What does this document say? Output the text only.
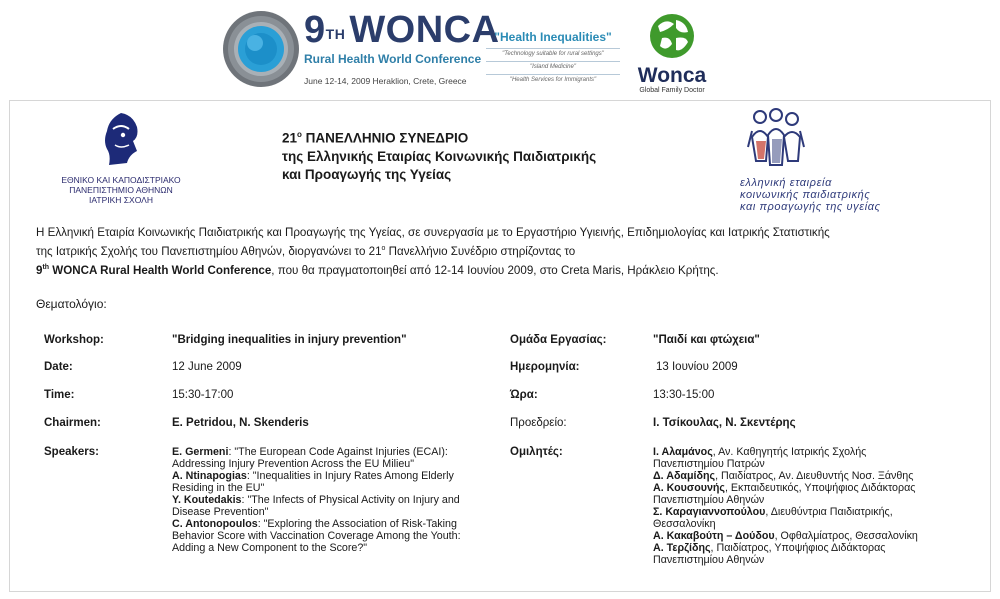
9TH WONCA
Rural Health World Conference
June 12-14, 2009 Heraklion, Crete, Greece
"Health Inequalities"
"Technology suitable for rural settings"
"Island Medicine"
"Health Services for Immigrants"	Wonca
Global Family Doctor
ΕΘΝΙΚΟ ΚΑΙ ΚΑΠΟΔΙΣΤΡΙΑΚΟ
ΠΑΝΕΠΙΣΤΗΜΙΟ ΑΘΗΝΩΝ
ΙΑΤΡΙΚΗ ΣΧΟΛΗ
$21^o$ ΠΑΝΕΛΛΗΝΙΟ ΣΥΝΕΔΡΙΟ
της Ελληνικής Εταιρίας Κοινωνικής Παιδιατρικής
και Προαγωγής της Υγείας
ελληνική εταιρεία
κοινωνικής παιδιατρικής
και προαγωγής της υγείας
Η Ελληνική Εταιρία Κοινωνικής Παιδιατρικής και Προαγωγής της Υγείας, σε συνεργασία με το Εργαστήριο Υγιεινής, Επιδημιολογίας και Ιατρικής Στατιστικής
της Ιατρικής Σχολής του Πανεπιστημίου Αθηνών, διοργανώνει το $21^o$ Πανελλήνιο Συνέδριο στηρίζοντας το
9th WONCA Rural Health World Conference, που θα πραγματοποιηθεί από 12-14 Ιουνίου 2009, στο Creta Maris, Ηράκλειο Κρήτης.
Θεματολόγιο:
Workshop:	"Bridging inequalities in injury prevention"
Date:	12 June 2009
Time:	15:30-17:00
Chairmen:	E. Petridou, N. Skenderis
Speakers:	E. Germeni: "The European Code Against Injuries (ECAI):
Addressing Injury Prevention Across the EU Milieu"
A. Ntinapogias: "Inequalities in Injury Rates Among Elderly
Residing in the EU"
Y. Koutedakis: "The Infects of Physical Activity on Injury and
Disease Prevention"
C. Antonopoulos: "Exploring the Association of Risk-Taking
Behavior Score with Vaccination Coverage Among the Youth:
Adding a New Component to the Score?"
Ομάδα Εργασίας:	"Παιδί και φτώχεια"
Ημερομηνία:	13 Ιουνίου 2009
Ώρα:	13:30-15:00
Προεδρείο:	Ι. Τσίκουλας, Ν. Σκεντέρης
Ομιλητές:	Ι. Αλαμάνος, Αν. Καθηγητής Ιατρικής Σχολής
Πανεπιστημίου Πατρών
Δ. Αδαμίδης, Παιδίατρος, Αν. Διευθυντής Νοσ. Ξάνθης
Α. Κουσουνής, Εκπαιδευτικός, Υποψήφιος Διδάκτορας
Πανεπιστημίου Αθηνών
Σ. Καραγιαννοπούλου, Διευθύντρια Παιδιατρικής,
Θεσσαλονίκη
Α. Κακαβούτη – Δούδου, Οφθαλμίατρος, Θεσσαλονίκη
Α. Τερζίδης, Παιδίατρος, Υποψήφιος Διδάκτορας
Πανεπιστημίου Αθηνών
